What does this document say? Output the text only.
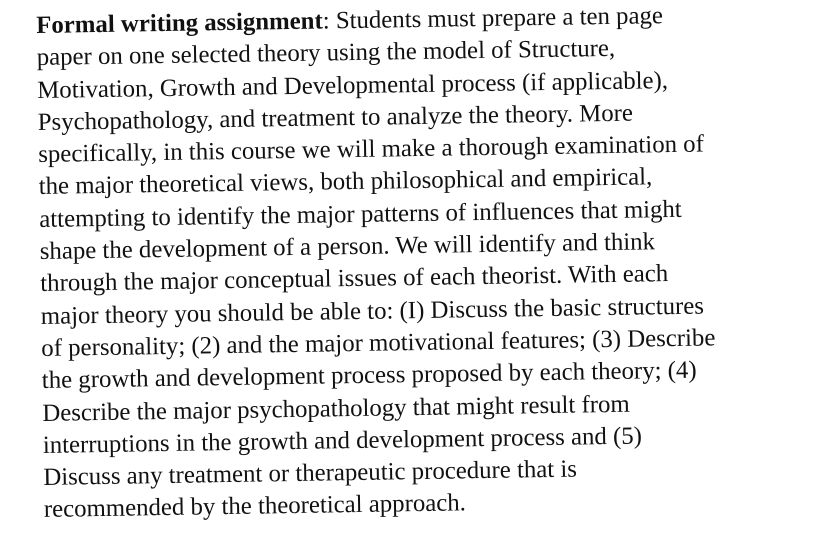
Formal writing assignment: Students must prepare a ten page
paper on one selected theory using the model of Structure,
Motivation, Growth and Developmental process (if applicable),
Psychopathology, and treatment to analyze the theory. More
specifically, in this course we will make a thorough examination of
the major theoretical views, both philosophical and empirical,
attempting to identify the major patterns of influences that might
shape the development of a person. We will identify and think
through the major conceptual issues of each theorist. With each
major theory you should be able to: (I) Discuss the basic structures
of personality; (2) and the major motivational features; (3) Describe
the growth and development process proposed by each theory; (4)
Describe the major psychopathology that might result from
interruptions in the growth and development process and (5)
Discuss any treatment or therapeutic procedure that is
recommended by the theoretical approach.
